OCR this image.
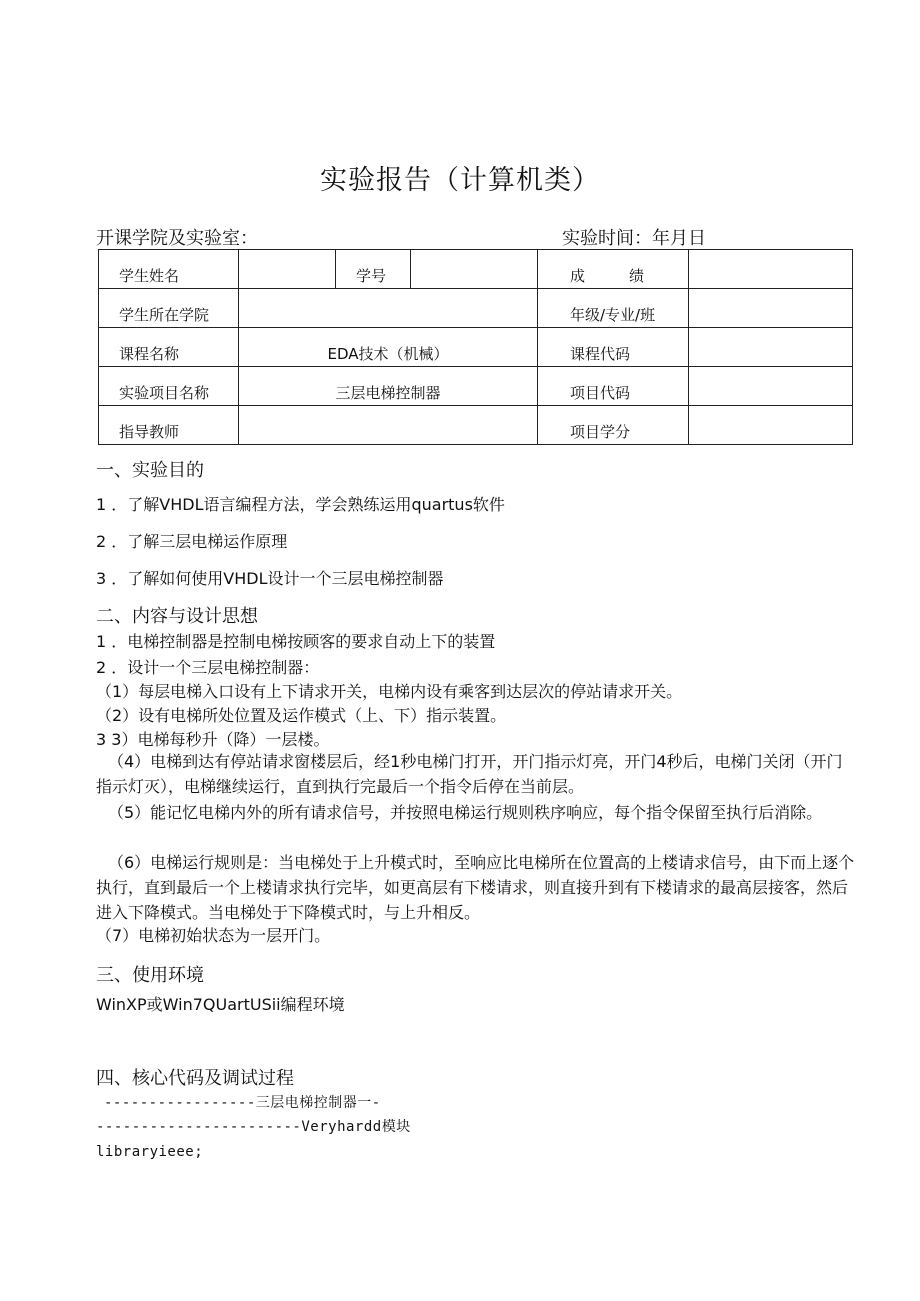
实验报告（计算机类）
开课学院及实验室：	实验时间：年月日
学生姓名		学号		成绩	
学生所在学院				年级/专业/班	
课程名称	EDA技术（机械）			课程代码	
实验项目名称	三层电梯控制器			项目代码	
指导教师				项目学分	
一、实验目的
1 ．了解VHDL语言编程方法，学会熟练运用quartus软件
2 ．了解三层电梯运作原理
3 ．了解如何使用VHDL设计一个三层电梯控制器
二、内容与设计思想
1 ．电梯控制器是控制电梯按顾客的要求自动上下的装置
2 ．设计一个三层电梯控制器：
（1）每层电梯入口设有上下请求开关，电梯内设有乘客到达层次的停站请求开关。
（2）设有电梯所处位置及运作模式（上、下）指示装置。
3 3）电梯每秒升（降）一层楼。
（4）电梯到达有停站请求窗楼层后，经1秒电梯门打开，开门指示灯亮，开门4秒后，电梯门关闭（开门指示灯灭），电梯继续运行，直到执行完最后一个指令后停在当前层。
（5）能记忆电梯内外的所有请求信号，并按照电梯运行规则秩序响应，每个指令保留至执行后消除。
（6）电梯运行规则是：当电梯处于上升模式时，至响应比电梯所在位置高的上楼请求信号，由下而上逐个执行，直到最后一个上楼请求执行完毕，如更高层有下楼请求，则直接升到有下楼请求的最高层接客，然后进入下降模式。当电梯处于下降模式时，与上升相反。
（7）电梯初始状态为一层开门。
三、使用环境
WinXP或Win7QUartUSii编程环境
四、核心代码及调试过程
-----------------三层电梯控制器一-
-----------------------Veryhardd模块
libraryieee;
